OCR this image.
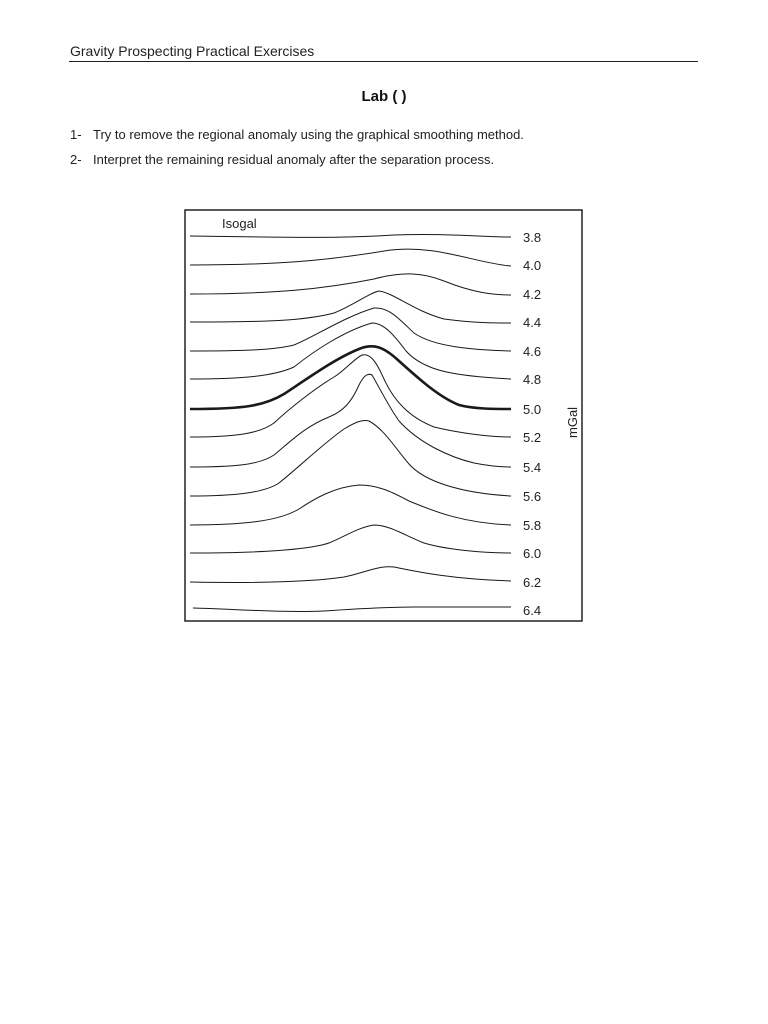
Gravity Prospecting Practical Exercises
Lab ( )
1- Try to remove the regional anomaly using the graphical smoothing method.
2- Interpret the remaining residual anomaly after the separation process.
Isogal
mGal
3.8
4.0
4.2
4.4
4.6
4.8
5.0
5.2
5.4
5.6
5.8
6.0
6.2
6.4
